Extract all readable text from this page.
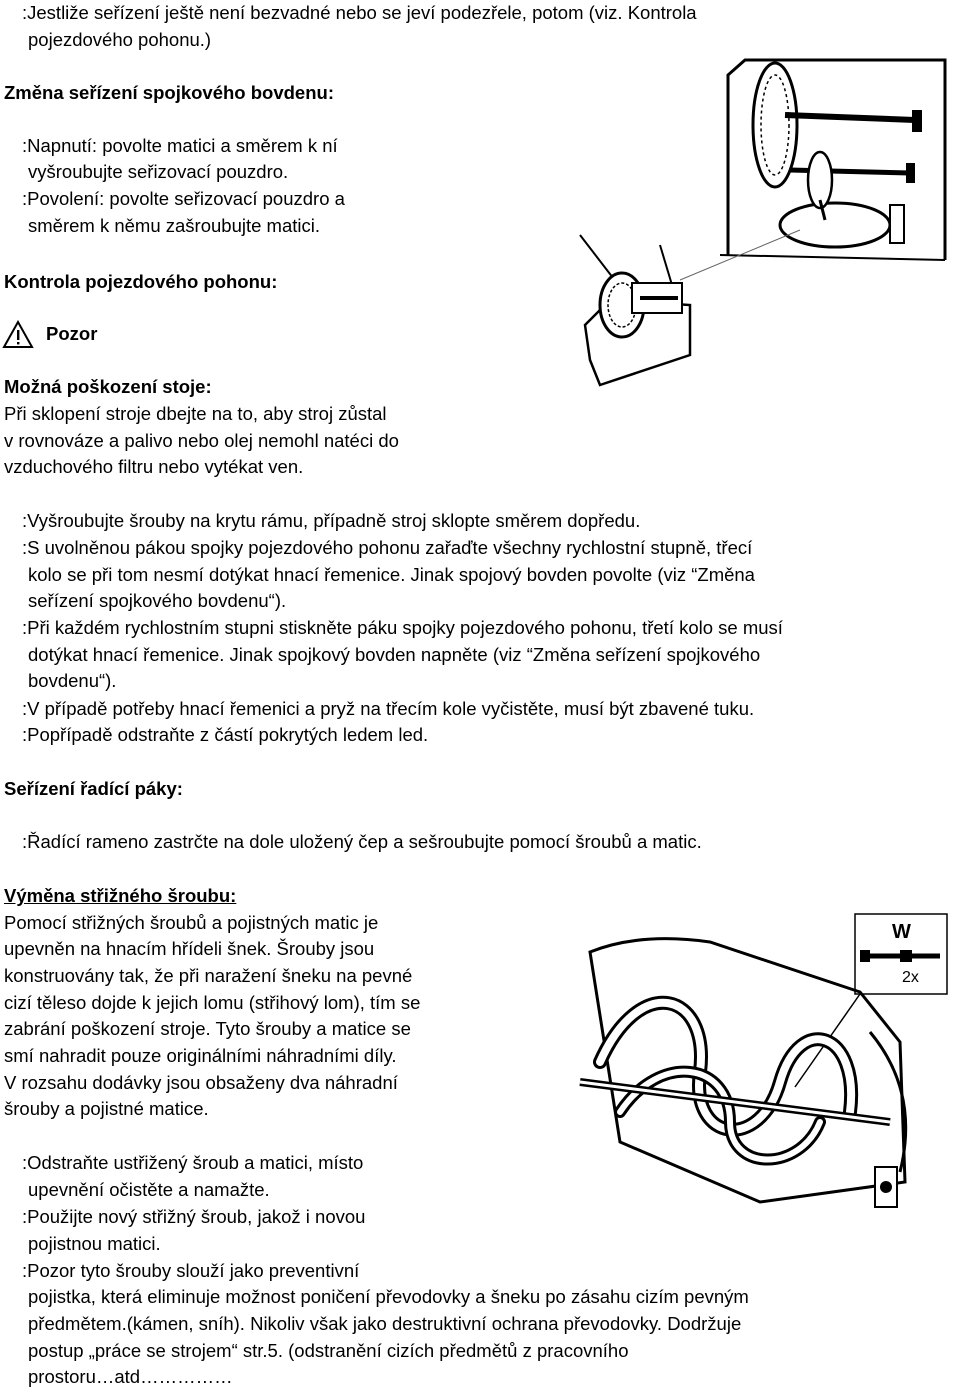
:Jestliže seřízení ještě není bezvadné nebo se jeví podezřele, potom (viz. Kontrola
pojezdového pohonu.)
Změna seřízení spojkového bovdenu:
:Napnutí: povolte matici a směrem k ní
vyšroubujte seřizovací pouzdro.
:Povolení: povolte seřizovací pouzdro a
směrem k němu zašroubujte matici.
Kontrola pojezdového pohonu:
Pozor
Možná poškození stoje:
Při sklopení stroje dbejte na to, aby stroj zůstal
v rovnováze a palivo nebo olej nemohl natéci do
vzduchového filtru nebo vytékat ven.
:Vyšroubujte šrouby na krytu rámu, případně stroj sklopte směrem dopředu.
:S uvolněnou pákou spojky pojezdového pohonu zařaďte všechny rychlostní stupně, třecí
kolo se při tom nesmí dotýkat hnací řemenice. Jinak spojový bovden povolte (viz “Změna
seřízení spojkového bovdenu“).
:Při každém rychlostním stupni stiskněte páku spojky pojezdového pohonu, třetí kolo se musí
dotýkat hnací řemenice. Jinak spojkový bovden napněte (viz “Změna seřízení spojkového
bovdenu“).
:V případě potřeby hnací řemenici a pryž na třecím kole vyčistěte, musí být zbavené tuku.
:Popřípadě odstraňte z částí pokrytých ledem led.
Seřízení řadící páky:
:Řadící rameno zastrčte na dole uložený čep a sešroubujte pomocí šroubů a matic.
Výměna střižného šroubu:
Pomocí střižných šroubů a pojistných matic je
upevněn na hnacím hřídeli šnek. Šrouby jsou
konstruovány tak, že při naražení šneku na pevné
cizí těleso dojde k jejich lomu (střihový lom), tím se
zabrání poškození stroje. Tyto šrouby a matice se
smí nahradit pouze originálními náhradními díly.
V rozsahu dodávky jsou obsaženy dva náhradní
šrouby a pojistné matice.
:Odstraňte ustřižený šroub a matici, místo
upevnění očistěte a namažte.
:Použijte nový střižný šroub, jakož i novou
pojistnou matici.
:Pozor tyto šrouby slouží jako preventivní
pojistka, která eliminuje možnost poničení převodovky a šneku po zásahu cizím pevným
předmětem.(kámen, sníh). Nikoliv však jako destruktivní ochrana převodovky. Dodržuje
postup „práce se strojem“ str.5. (odstranění cizích předmětů z pracovního
prostoru…atd……………
W
2x
